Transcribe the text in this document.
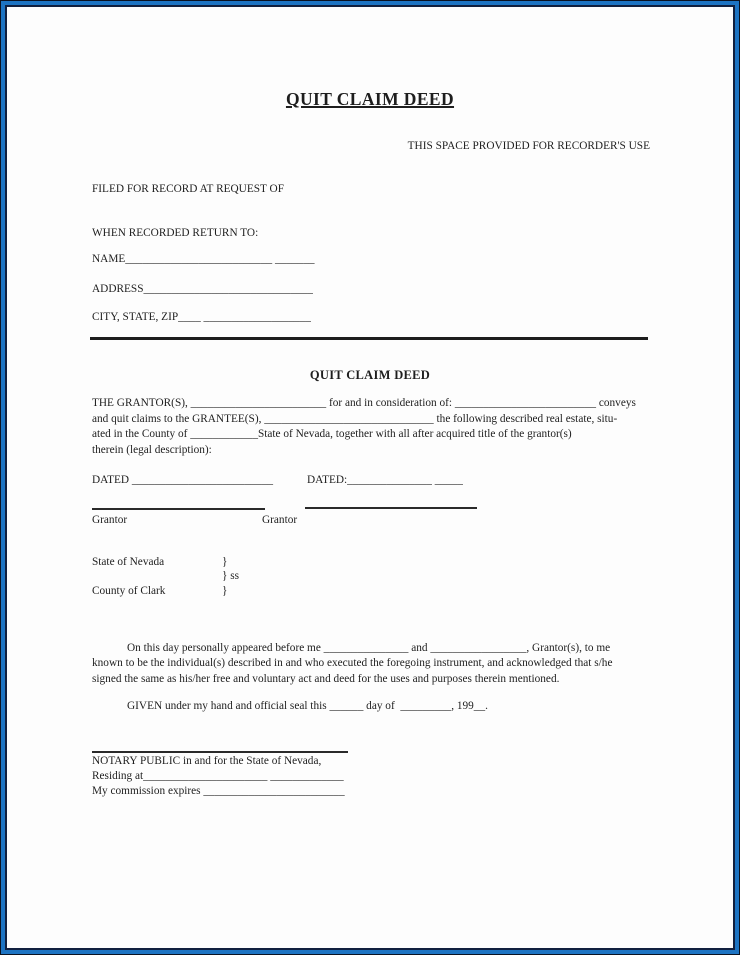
QUIT CLAIM DEED
THIS SPACE PROVIDED FOR RECORDER'S USE
FILED FOR RECORD AT REQUEST OF
WHEN RECORDED RETURN TO:
NAME__________________________ _______
ADDRESS______________________________
CITY, STATE, ZIP____ ___________________
QUIT CLAIM DEED
THE GRANTOR(S), ________________________ for and in consideration of: _________________________ conveys
and quit claims to the GRANTEE(S), ______________________________ the following described real estate, situ-
ated in the County of ____________State of Nevada, together with all after acquired title of the grantor(s)
therein (legal description):
DATED _________________________	DATED:_______________ _____
Grantor	Grantor
State of Nevada	}
} ss
County of Clark	}
On this day personally appeared before me _______________ and _________________, Grantor(s), to me
known to be the individual(s) described in and who executed the foregoing instrument, and acknowledged that s/he
signed the same as his/her free and voluntary act and deed for the uses and purposes therein mentioned.
GIVEN under my hand and official seal this ______ day of  _________, 199__.
NOTARY PUBLIC in and for the State of Nevada,
Residing at______________________ _____________
My commission expires _________________________
